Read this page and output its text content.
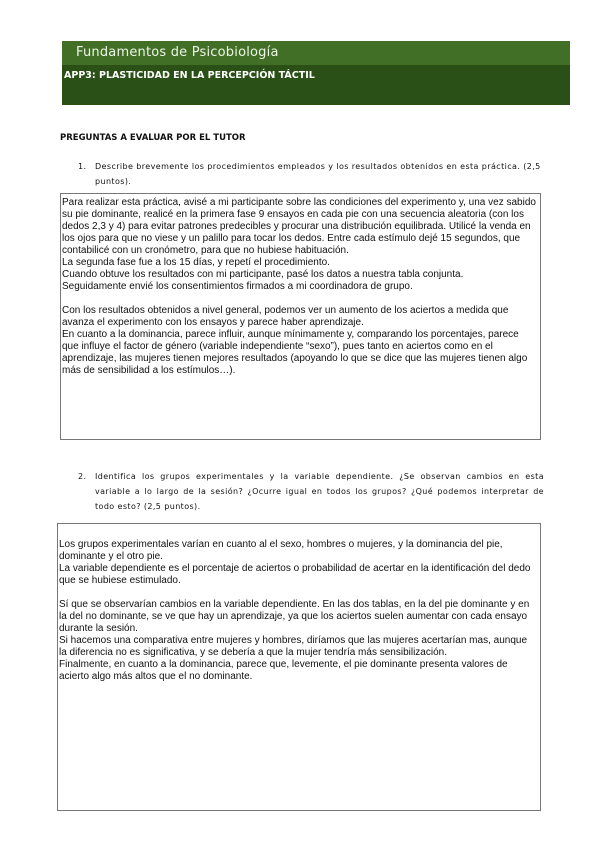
Fundamentos de Psicobiología
APP3: PLASTICIDAD EN LA PERCEPCIÓN TÁCTIL
PREGUNTAS A EVALUAR POR EL TUTOR
1.	Describe brevemente los procedimientos empleados y los resultados obtenidos en esta práctica. (2,5 puntos).

Para realizar esta práctica, avisé a mi participante sobre las condiciones del experimento y, una vez sabido su pie dominante, realicé en la primera fase 9 ensayos en cada pie con una secuencia aleatoria (con los dedos 2,3 y 4) para evitar patrones predecibles y procurar una distribución equilibrada. Utilicé la venda en los ojos para que no viese y un palillo para tocar los dedos. Entre cada estímulo dejé 15 segundos, que contabilicé con un cronómetro, para que no hubiese habituación.

La segunda fase fue a los 15 días, y repetí el procedimiento.

Cuando obtuve los resultados con mi participante, pasé los datos a nuestra tabla conjunta.

Seguidamente envié los consentimientos firmados a mi coordinadora de grupo.

Con los resultados obtenidos a nivel general, podemos ver un aumento de los aciertos a medida que avanza el experimento con los ensayos y parece haber aprendizaje.

En cuanto a la dominancia, parece influir, aunque mínimamente y, comparando los porcentajes, parece que influye el factor de género (variable independiente “sexo”), pues tanto en aciertos como en el aprendizaje, las mujeres tienen mejores resultados (apoyando lo que se dice que las mujeres tienen algo más de sensibilidad a los estímulos…).

2.	Identifica los grupos experimentales y la variable dependiente. ¿Se observan cambios en esta variable a lo largo de la sesión? ¿Ocurre igual en todos los grupos? ¿Qué podemos interpretar de todo esto? (2,5 puntos).

Los grupos experimentales varían en cuanto al el sexo, hombres o mujeres, y la dominancia del pie, dominante y el otro pie.

La variable dependiente es el porcentaje de aciertos o probabilidad de acertar en la identificación del dedo que se hubiese estimulado.

Sí que se observarían cambios en la variable dependiente. En las dos tablas, en la del pie dominante y en la del no dominante, se ve que hay un aprendizaje, ya que los aciertos suelen aumentar con cada ensayo durante la sesión.

Si hacemos una comparativa entre mujeres y hombres, diríamos que las mujeres acertarían mas, aunque la diferencia no es significativa, y se debería a que la mujer tendría más sensibilización.

Finalmente, en cuanto a la dominancia, parece que, levemente, el pie dominante presenta valores de acierto algo más altos que el no dominante.
